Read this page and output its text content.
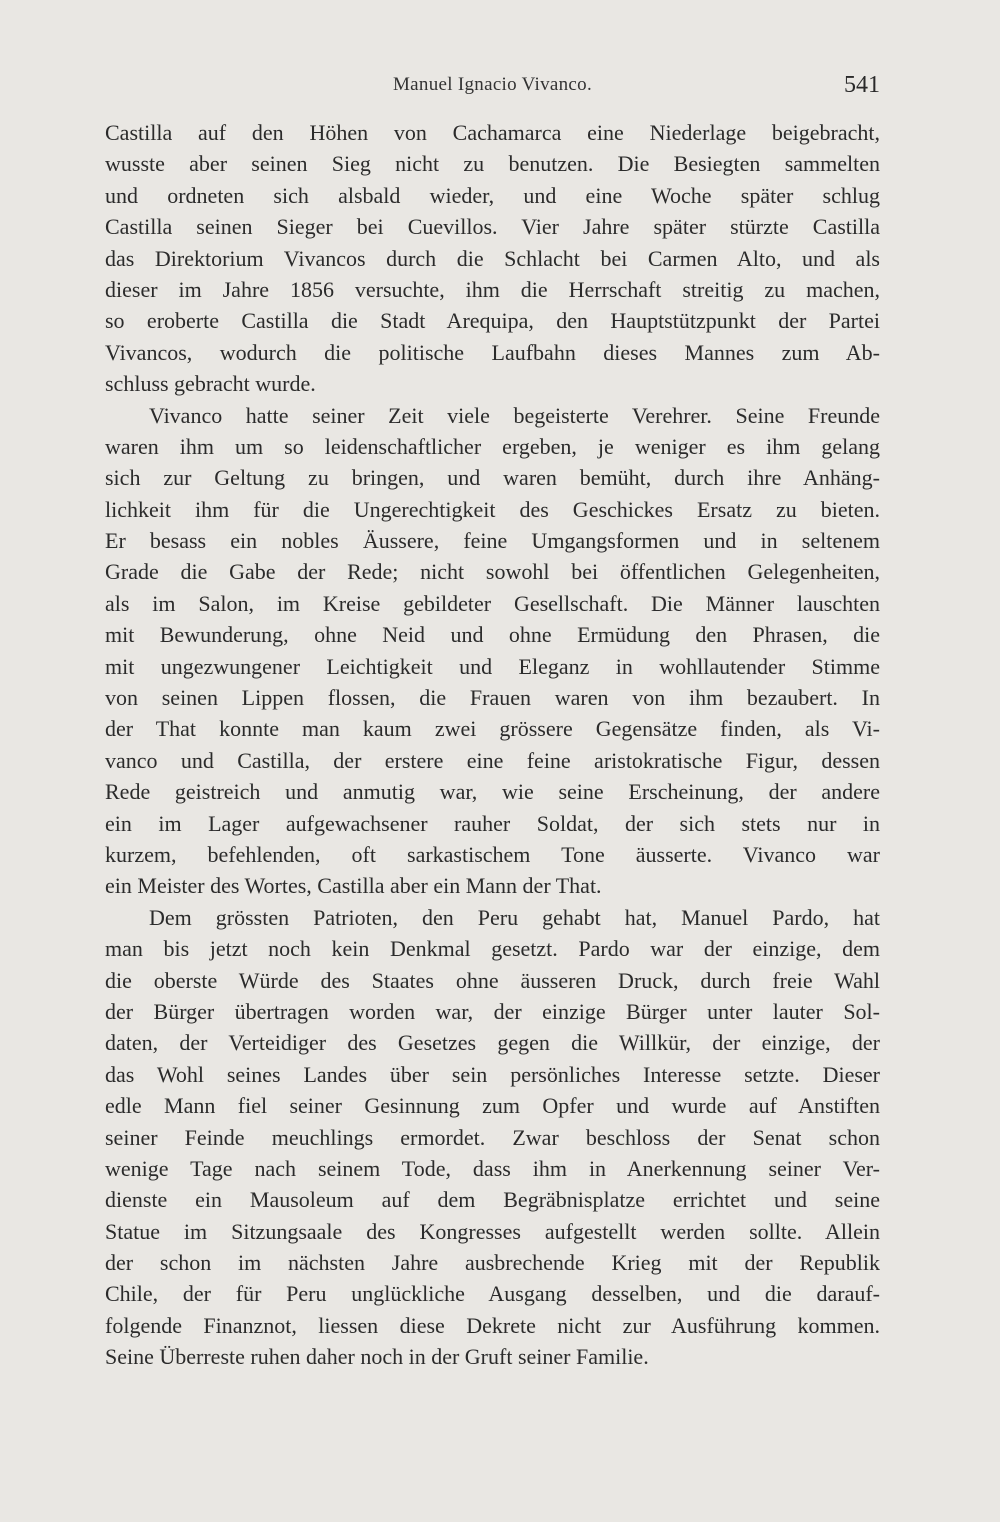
Manuel Ignacio Vivanco.	541
Castilla auf den Höhen von Cachamarca eine Niederlage beigebracht,
wusste aber seinen Sieg nicht zu benutzen. Die Besiegten sammelten
und ordneten sich alsbald wieder, und eine Woche später schlug
Castilla seinen Sieger bei Cuevillos. Vier Jahre später stürzte Castilla
das Direktorium Vivancos durch die Schlacht bei Carmen Alto, und als
dieser im Jahre 1856 versuchte, ihm die Herrschaft streitig zu machen,
so eroberte Castilla die Stadt Arequipa, den Hauptstützpunkt der Partei
Vivancos, wodurch die politische Laufbahn dieses Mannes zum Ab-
schluss gebracht wurde.
Vivanco hatte seiner Zeit viele begeisterte Verehrer. Seine Freunde
waren ihm um so leidenschaftlicher ergeben, je weniger es ihm gelang
sich zur Geltung zu bringen, und waren bemüht, durch ihre Anhäng-
lichkeit ihm für die Ungerechtigkeit des Geschickes Ersatz zu bieten.
Er besass ein nobles Äussere, feine Umgangsformen und in seltenem
Grade die Gabe der Rede; nicht sowohl bei öffentlichen Gelegenheiten,
als im Salon, im Kreise gebildeter Gesellschaft. Die Männer lauschten
mit Bewunderung, ohne Neid und ohne Ermüdung den Phrasen, die
mit ungezwungener Leichtigkeit und Eleganz in wohllautender Stimme
von seinen Lippen flossen, die Frauen waren von ihm bezaubert. In
der That konnte man kaum zwei grössere Gegensätze finden, als Vi-
vanco und Castilla, der erstere eine feine aristokratische Figur, dessen
Rede geistreich und anmutig war, wie seine Erscheinung, der andere
ein im Lager aufgewachsener rauher Soldat, der sich stets nur in
kurzem, befehlenden, oft sarkastischem Tone äusserte. Vivanco war
ein Meister des Wortes, Castilla aber ein Mann der That.
Dem grössten Patrioten, den Peru gehabt hat, Manuel Pardo, hat
man bis jetzt noch kein Denkmal gesetzt. Pardo war der einzige, dem
die oberste Würde des Staates ohne äusseren Druck, durch freie Wahl
der Bürger übertragen worden war, der einzige Bürger unter lauter Sol-
daten, der Verteidiger des Gesetzes gegen die Willkür, der einzige, der
das Wohl seines Landes über sein persönliches Interesse setzte. Dieser
edle Mann fiel seiner Gesinnung zum Opfer und wurde auf Anstiften
seiner Feinde meuchlings ermordet. Zwar beschloss der Senat schon
wenige Tage nach seinem Tode, dass ihm in Anerkennung seiner Ver-
dienste ein Mausoleum auf dem Begräbnisplatze errichtet und seine
Statue im Sitzungsaale des Kongresses aufgestellt werden sollte. Allein
der schon im nächsten Jahre ausbrechende Krieg mit der Republik
Chile, der für Peru unglückliche Ausgang desselben, und die darauf-
folgende Finanznot, liessen diese Dekrete nicht zur Ausführung kommen.
Seine Überreste ruhen daher noch in der Gruft seiner Familie.
